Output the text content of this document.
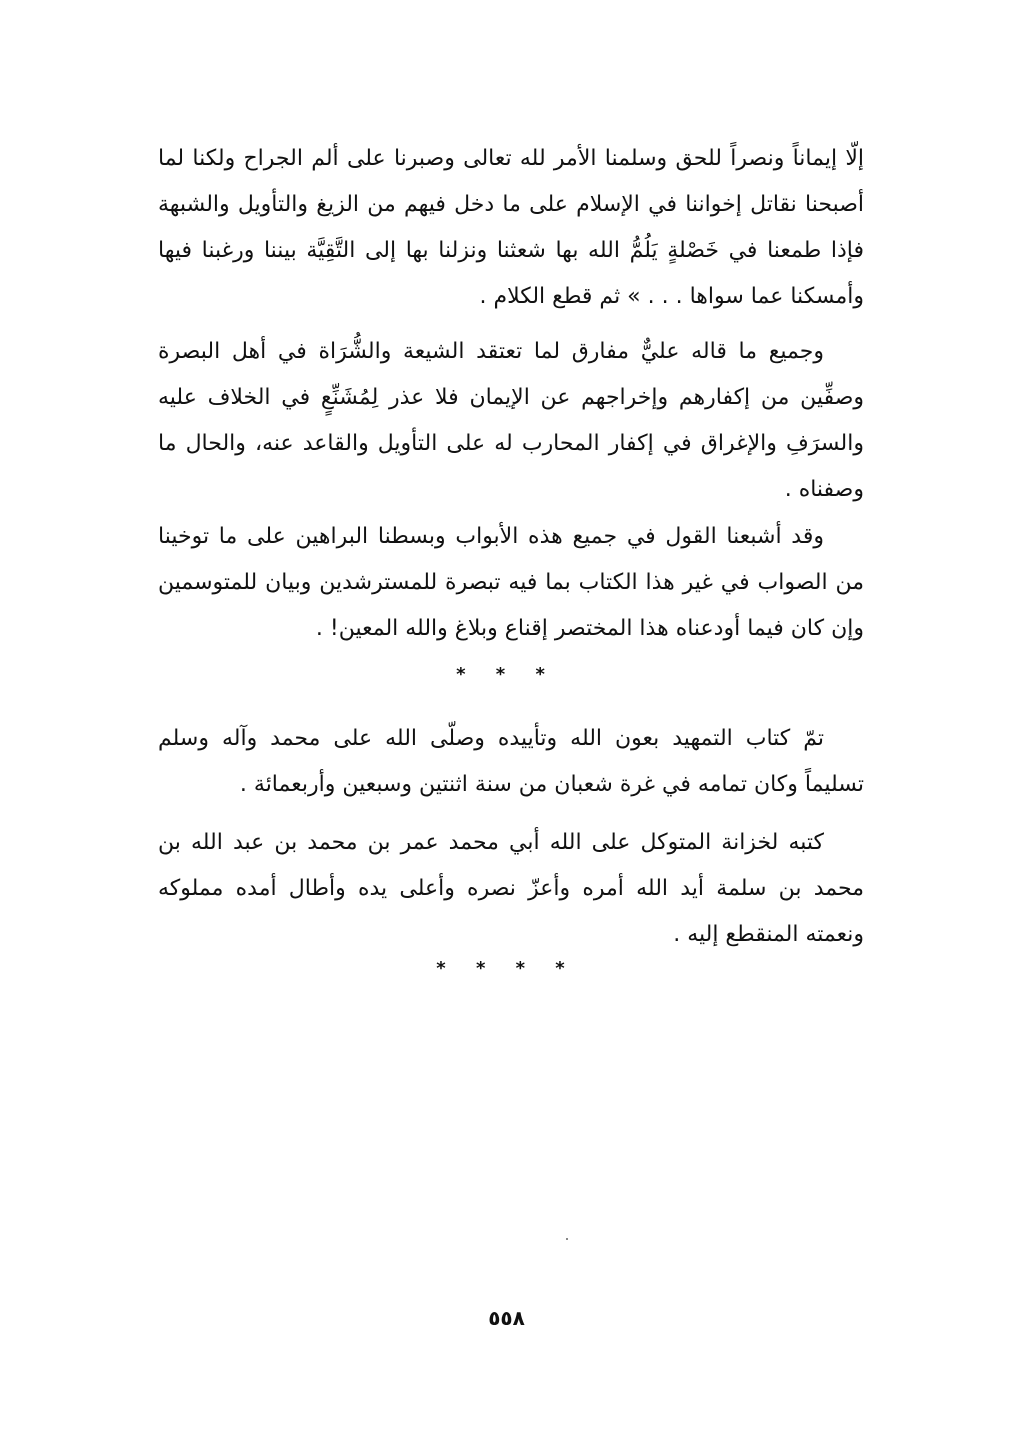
إلّا إيماناً ونصراً للحق وسلمنا الأمر لله تعالى وصبرنا على ألم الجراح ولكنا لما أصبحنا نقاتل إخواننا في الإسلام على ما دخل فيهم من الزيغ والتأويل والشبهة فإذا طمعنا في خَصْلةٍ يَلُمُّ الله بها شعثنا ونزلنا بها إلى التَّقِيَّة بيننا ورغبنا فيها وأمسكنا عما سواها . . . » ثم قطع الكلام .

وجميع ما قاله عليٌّ مفارق لما تعتقد الشيعة والشُّرَاة في أهل البصرة وصفِّين من إكفارهم وإخراجهم عن الإيمان فلا عذر لِمُشَنِّعٍ في الخلاف عليه والسرَفِ والإغراق في إكفار المحارب له على التأويل والقاعد عنه، والحال ما وصفناه .

وقد أشبعنا القول في جميع هذه الأبواب وبسطنا البراهين على ما توخينا من الصواب في غير هذا الكتاب بما فيه تبصرة للمسترشدين وبيان للمتوسمين وإن كان فيما أودعناه هذا المختصر إقناع وبلاغ والله المعين! .

* * *

تمّ كتاب التمهيد بعون الله وتأييده وصلّى الله على محمد وآله وسلم تسليماً وكان تمامه في غرة شعبان من سنة اثنتين وسبعين وأربعمائة .

كتبه لخزانة المتوكل على الله أبي محمد عمر بن محمد بن عبد الله بن محمد بن سلمة أيد الله أمره وأعزّ نصره وأعلى يده وأطال أمده مملوكه ونعمته المنقطع إليه .

* * * *
٥٥٨
